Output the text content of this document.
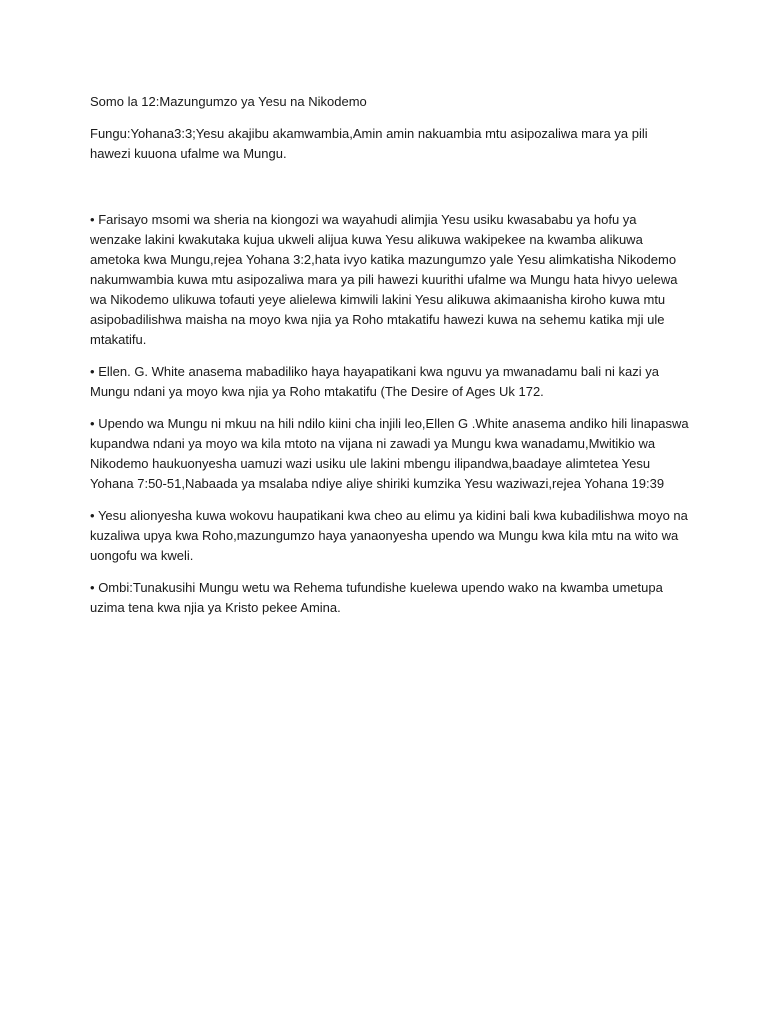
Somo la 12:Mazungumzo ya Yesu na Nikodemo

Fungu:Yohana3:3;Yesu akajibu akamwambia,Amin amin nakuambia mtu asipozaliwa mara ya pili hawezi kuuona ufalme wa Mungu.

• Farisayo msomi wa sheria na kiongozi wa wayahudi alimjia Yesu usiku kwasababu ya hofu ya wenzake lakini kwakutaka kujua ukweli alijua kuwa Yesu alikuwa wakipekee na kwamba alikuwa ametoka kwa Mungu,rejea Yohana 3:2,hata ivyo katika mazungumzo yale Yesu alimkatisha Nikodemo nakumwambia kuwa mtu asipozaliwa mara ya pili hawezi kuurithi ufalme wa Mungu hata hivyo uelewa wa Nikodemo ulikuwa tofauti yeye alielewa kimwili lakini Yesu alikuwa akimaanisha kiroho kuwa mtu asipobadilishwa maisha na moyo kwa njia ya Roho mtakatifu hawezi kuwa na sehemu katika mji ule mtakatifu.

• Ellen. G. White anasema mabadiliko haya hayapatikani kwa nguvu ya mwanadamu bali ni kazi ya Mungu ndani ya moyo kwa njia ya Roho mtakatifu (The Desire of Ages Uk 172.

• Upendo wa Mungu ni mkuu na hili ndilo kiini cha injili leo,Ellen G .White anasema andiko hili linapaswa kupandwa ndani ya moyo wa kila mtoto na vijana ni zawadi ya Mungu kwa wanadamu,Mwitikio wa Nikodemo haukuonyesha uamuzi wazi usiku ule lakini mbengu ilipandwa,baadaye alimtetea Yesu Yohana 7:50-51,Nabaada ya msalaba ndiye aliye shiriki kumzika Yesu waziwazi,rejea Yohana 19:39

• Yesu alionyesha kuwa wokovu haupatikani kwa cheo au elimu ya kidini bali kwa kubadilishwa moyo na kuzaliwa upya kwa Roho,mazungumzo haya yanaonyesha upendo wa Mungu kwa kila mtu na wito wa uongofu wa kweli.

• Ombi:Tunakusihi Mungu wetu wa Rehema tufundishe kuelewa upendo wako na kwamba umetupa uzima tena kwa njia ya Kristo pekee Amina.
